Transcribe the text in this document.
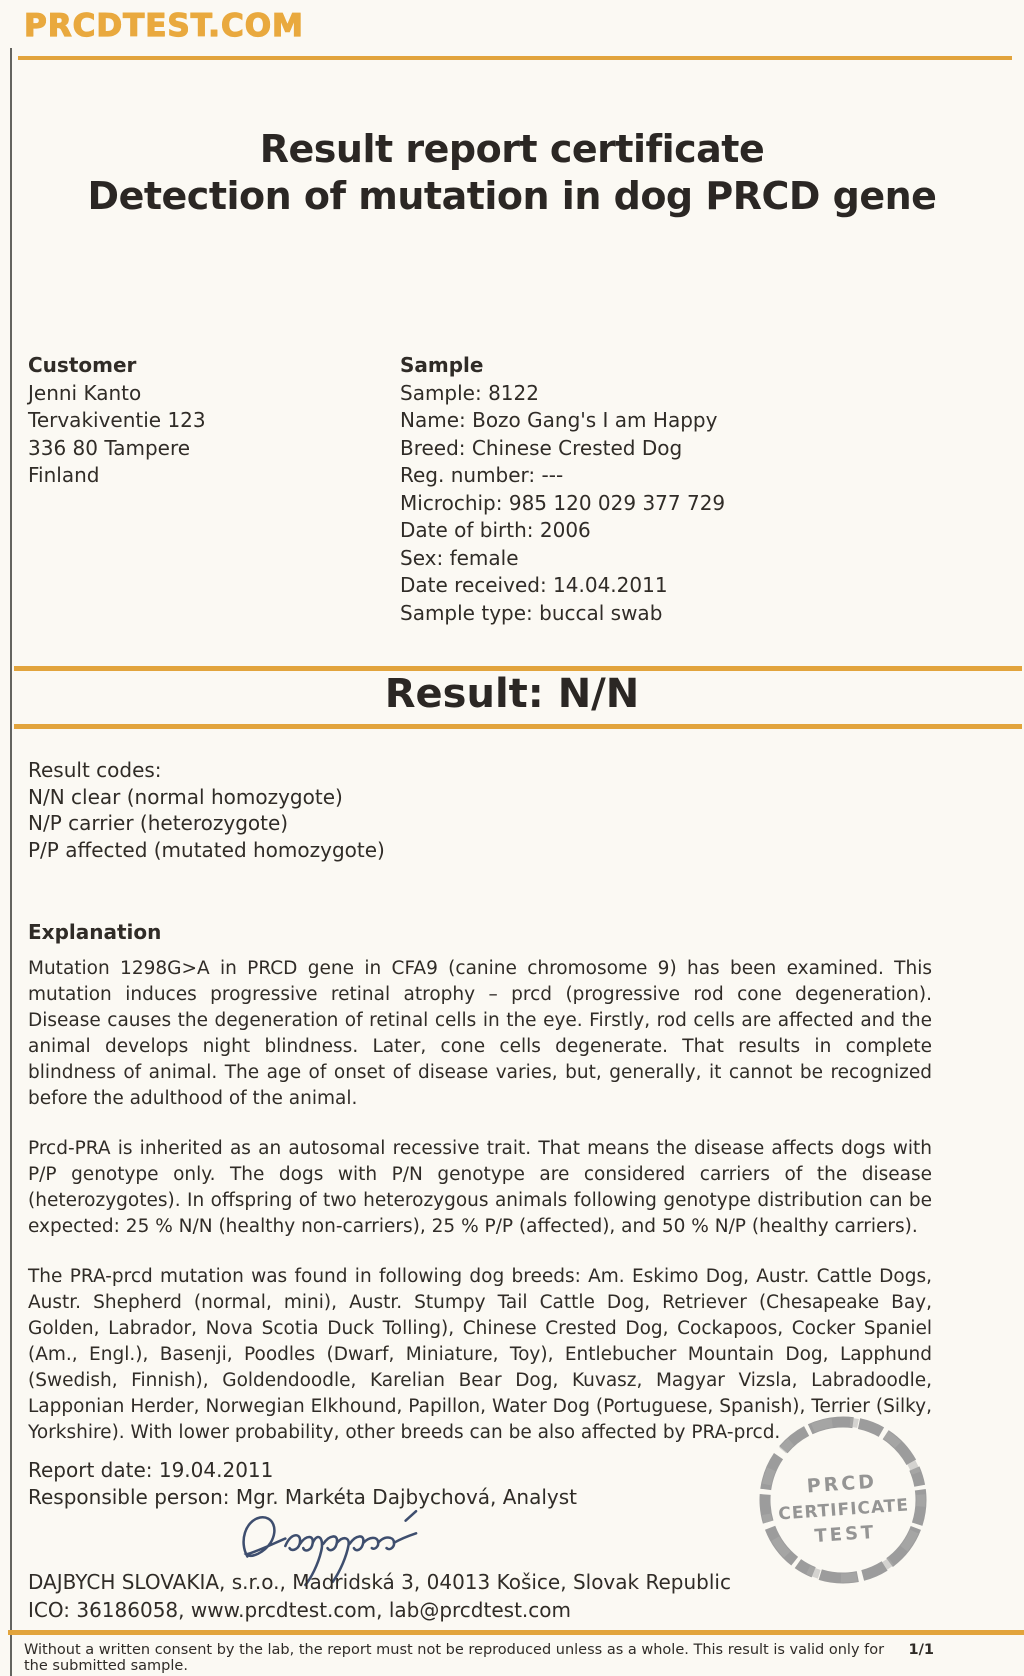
PRCDTEST.COM
Result report certificate
Detection of mutation in dog PRCD gene
Customer
Jenni Kanto
Tervakiventie 123
336 80 Tampere
Finland
Sample
Sample: 8122
Name: Bozo Gang's I am Happy
Breed: Chinese Crested Dog
Reg. number: ---
Microchip: 985 120 029 377 729
Date of birth: 2006
Sex: female
Date received: 14.04.2011
Sample type: buccal swab
Result: N/N
Result codes:
N/N clear (normal homozygote)
N/P carrier (heterozygote)
P/P affected (mutated homozygote)
Explanation

Mutation 1298G>A in PRCD gene in CFA9 (canine chromosome 9) has been examined. This mutation induces progressive retinal atrophy – prcd (progressive rod cone degeneration). Disease causes the degeneration of retinal cells in the eye. Firstly, rod cells are affected and the animal develops night blindness. Later, cone cells degenerate. That results in complete blindness of animal. The age of onset of disease varies, but, generally, it cannot be recognized before the adulthood of the animal.

Prcd-PRA is inherited as an autosomal recessive trait. That means the disease affects dogs with P/P genotype only. The dogs with P/N genotype are considered carriers of the disease (heterozygotes). In offspring of two heterozygous animals following genotype distribution can be expected: 25 % N/N (healthy non-carriers), 25 % P/P (affected), and 50 % N/P (healthy carriers).

The PRA-prcd mutation was found in following dog breeds: Am. Eskimo Dog, Austr. Cattle Dogs, Austr. Shepherd (normal, mini), Austr. Stumpy Tail Cattle Dog, Retriever (Chesapeake Bay, Golden, Labrador, Nova Scotia Duck Tolling), Chinese Crested Dog, Cockapoos, Cocker Spaniel (Am., Engl.), Basenji, Poodles (Dwarf, Miniature, Toy), Entlebucher Mountain Dog, Lapphund (Swedish, Finnish), Goldendoodle, Karelian Bear Dog, Kuvasz, Magyar Vizsla, Labradoodle, Lapponian Herder, Norwegian Elkhound, Papillon, Water Dog (Portuguese, Spanish), Terrier (Silky, Yorkshire). With lower probability, other breeds can be also affected by PRA-prcd.

Report date: 19.04.2011
Responsible person: Mgr. Markéta Dajbychová, Analyst
DAJBYCH SLOVAKIA, s.r.o., Madridská 3, 04013 Košice, Slovak Republic
ICO: 36186058, www.prcdtest.com, lab@prcdtest.com
PRCD
CERTIFICATE
TEST
Without a written consent by the lab, the report must not be reproduced unless as a whole. This result is valid only for the submitted sample.
1/1
